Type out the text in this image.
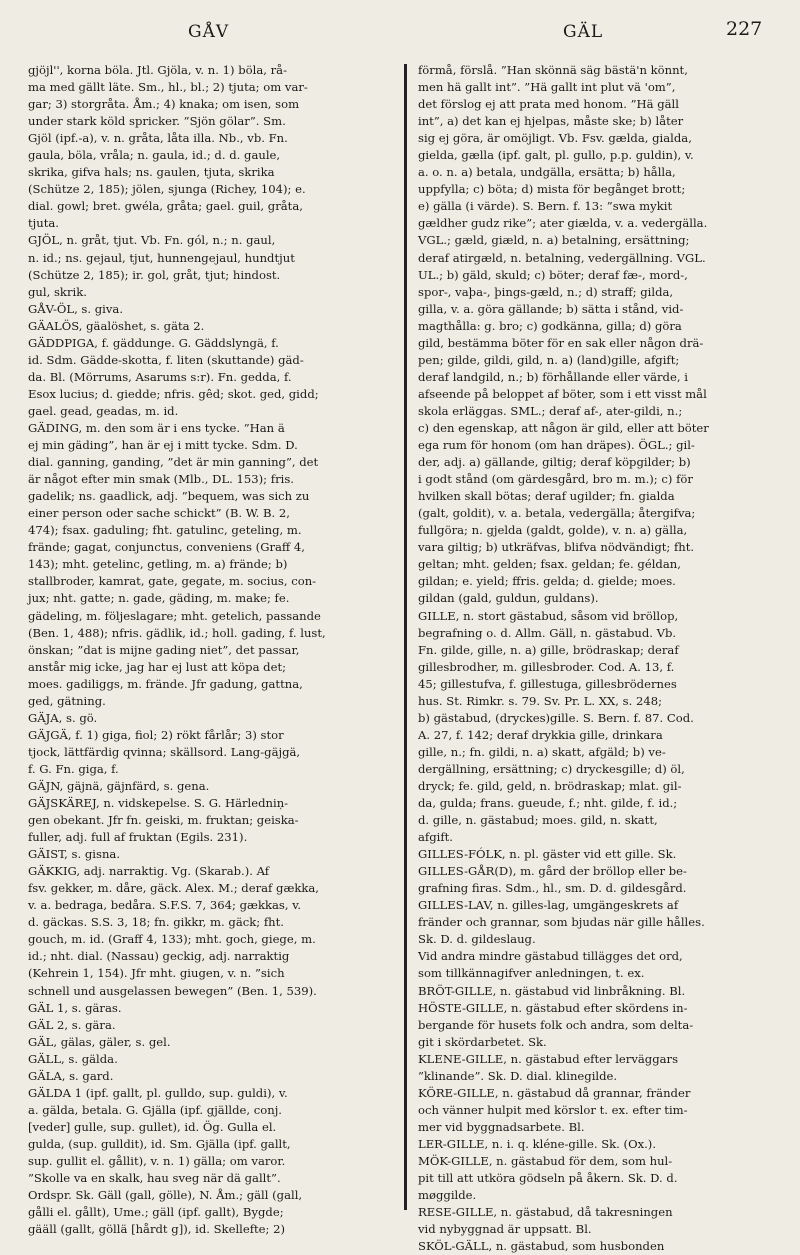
GÅV	GÄL	227
gjöjl'', korna böla. Jtl. Gjöla, v. n. 1) böla, rå-
ma med gällt läte. Sm., hl., bl.; 2) tjuta; om var-
gar; 3) storgråta. Åm.; 4) knaka; om isen, som
under stark köld spricker. ”Sjön gölar”. Sm.
Gjöl (ipf.-a), v. n. gråta, låta illa. Nb., vb. Fn.
gaula, böla, vråla; n. gaula, id.; d. d. gaule,
skrika, gifva hals; ns. gaulen, tjuta, skrika
(Schütze 2, 185); jölen, sjunga (Richey, 104); e.
dial. gowl; bret. gwéla, gråta; gael. guil, gråta,
tjuta.
GJÖL, n. gråt, tjut. Vb. Fn. gól, n.; n. gaul,
n. id.; ns. gejaul, tjut, hunnengejaul, hundtjut
(Schütze 2, 185); ir. gol, gråt, tjut; hindost.
gul, skrik.
GÅV-ÖL, s. giva.
GÄALÖS, gäalöshet, s. gäta 2.
GÄDDPIGA, f. gäddunge. G. Gäddslyngä, f.
id. Sdm. Gädde-skotta, f. liten (skuttande) gäd-
da. Bl. (Mörrums, Asarums s:r). Fn. gedda, f.
Esox lucius; d. giedde; nfris. gêd; skot. ged, gidd;
gael. gead, geadas, m. id.
GÄDING, m. den som är i ens tycke. ”Han ä
ej min gäding”, han är ej i mitt tycke. Sdm. D.
dial. ganning, ganding, ”det är min ganning”, det
är något efter min smak (Mlb., DL. 153); fris.
gadelik; ns. gaadlick, adj. ”bequem, was sich zu
einer person oder sache schickt” (B. W. B. 2,
474); fsax. gaduling; fht. gatulinc, geteling, m.
frände; gagat, conjunctus, conveniens (Graff 4,
143); mht. getelinc, getling, m. a) frände; b)
stallbroder, kamrat, gate, gegate, m. socius, con-
jux; nht. gatte; n. gade, gäding, m. make; fe.
gädeling, m. följeslagare; mht. getelich, passande
(Ben. 1, 488); nfris. gädlik, id.; holl. gading, f. lust,
önskan; ”dat is mijne gading niet”, det passar,
anstår mig icke, jag har ej lust att köpa det;
moes. gadiliggs, m. frände. Jfr gadung, gattna,
ged, gätning.
GÄJA, s. gö.
GÄJGÄ, f. 1) giga, fiol; 2) rökt fårlår; 3) stor
tjock, lättfärdig qvinna; skällsord. Lang-gäjgä,
f. G. Fn. giga, f.
GÄJN, gäjnä, gäjnfärd, s. gena.
GÄJSKÄREJ, n. vidskepelse. S. G. Härledniņ-
gen obekant. Jfr fn. geiski, m. fruktan; geiska-
fuller, adj. full af fruktan (Egils. 231).
GÄIST, s. gisna.
GÄKKIG, adj. narraktig. Vg. (Skarab.). Af
fsv. gekker, m. dåre, gäck. Alex. M.; deraf gækka,
v. a. bedraga, bedåra. S.F.S. 7, 364; gækkas, v.
d. gäckas. S.S. 3, 18; fn. gikkr, m. gäck; fht.
gouch, m. id. (Graff 4, 133); mht. goch, giege, m.
id.; nht. dial. (Nassau) geckig, adj. narraktig
(Kehrein 1, 154). Jfr mht. giugen, v. n. ”sich
schnell und ausgelassen bewegen” (Ben. 1, 539).
GÄL 1, s. gäras.
GÄL 2, s. gära.
GÄL, gälas, gäler, s. gel.
GÄLL, s. gälda.
GÄLA, s. gard.
GÄLDA 1 (ipf. gallt, pl. gulldo, sup. guldi), v.
a. gälda, betala. G. Gjälla (ipf. gjällde, conj.
[veder] gulle, sup. gullet), id. Ög. Gulla el.
gulda, (sup. gulldit), id. Sm. Gjälla (ipf. gallt,
sup. gullit el. gållit), v. n. 1) gälla; om varor.
”Skolle va en skalk, hau sveg när dä gallt”.
Ordspr. Sk. Gäll (gall, gölle), N. Åm.; gäll (gall,
gålli el. gållt), Ume.; gäll (ipf. gallt), Bygde;
gääll (gallt, göllä [hårdt g]), id. Skellefte; 2)
förmå, förslå. ”Han skönnä säg bästä'n könnt,
men hä gallt int”. ”Hä gallt int plut vä 'om”,
det förslog ej att prata med honom. ”Hä gäll
int”, a) det kan ej hjelpas, måste ske; b) låter
sig ej göra, är omöjligt. Vb. Fsv. gælda, gialda,
gielda, gælla (ipf. galt, pl. gullo, p.p. guldin), v.
a. o. n. a) betala, undgälla, ersätta; b) hålla,
uppfylla; c) böta; d) mista för begånget brott;
e) gälla (i värde). S. Bern. f. 13: ”swa mykit
gældher gudz rike”; ater giælda, v. a. vedergälla.
VGL.; gæld, giæld, n. a) betalning, ersättning;
deraf atirgæld, n. betalning, vedergällning. VGL.
UL.; b) gäld, skuld; c) böter; deraf fæ-, mord-,
spor-, vaþa-, þings-gæld, n.; d) straff; gilda,
gilla, v. a. göra gällande; b) sätta i stånd, vid-
magthålla: g. bro; c) godkänna, gilla; d) göra
gild, bestämma böter för en sak eller någon drä-
pen; gilde, gildi, gild, n. a) (land)gille, afgift;
deraf landgild, n.; b) förhållande eller värde, i
afseende på beloppet af böter, som i ett visst mål
skola erläggas. SML.; deraf af-, ater-gildi, n.;
c) den egenskap, att någon är gild, eller att böter
ega rum för honom (om han dräpes). ÖGL.; gil-
der, adj. a) gällande, giltig; deraf köpgilder; b)
i godt stånd (om gärdesgård, bro m. m.); c) för
hvilken skall bötas; deraf ugilder; fn. gialda
(galt, goldit), v. a. betala, vedergälla; återgifva;
fullgöra; n. gjelda (galdt, golde), v. n. a) gälla,
vara giltig; b) utkräfvas, blifva nödvändigt; fht.
geltan; mht. gelden; fsax. geldan; fe. géldan,
gildan; e. yield; ffris. gelda; d. gielde; moes.
gildan (gald, guldun, guldans).
GILLE, n. stort gästabud, såsom vid bröllop,
begrafning o. d. Allm. Gäll, n. gästabud. Vb.
Fn. gilde, gille, n. a) gille, brödraskap; deraf
gillesbrodher, m. gillesbroder. Cod. A. 13, f.
45; gillestufva, f. gillestuga, gillesbrödernes
hus. St. Rimkr. s. 79. Sv. Pr. L. XX, s. 248;
b) gästabud, (dryckes)gille. S. Bern. f. 87. Cod.
A. 27, f. 142; deraf drykkia gille, drinkara
gille, n.; fn. gildi, n. a) skatt, afgäld; b) ve-
dergällning, ersättning; c) dryckesgille; d) öl,
dryck; fe. gild, geld, n. brödraskap; mlat. gil-
da, gulda; frans. gueude, f.; nht. gilde, f. id.;
d. gille, n. gästabud; moes. gild, n. skatt,
afgift.
GILLES-FÓLK, n. pl. gäster vid ett gille. Sk.
GILLES-GÅR(D), m. gård der bröllop eller be-
grafning firas. Sdm., hl., sm. D. d. gildesgård.
GILLES-LAV, n. gilles-lag, umgängeskrets af
fränder och grannar, som bjudas när gille hålles.
Sk. D. d. gildeslaug.
Vid andra mindre gästabud tillägges det ord,
som tillkännagifver anledningen, t. ex.
BRÖT-GILLE, n. gästabud vid linbråkning. Bl.
HÖSTE-GILLE, n. gästabud efter skördens in-
bergande för husets folk och andra, som delta-
git i skördarbetet. Sk.
KLENE-GILLE, n. gästabud efter lerväggars
”klinande”. Sk. D. dial. klinegilde.
KÖRE-GILLE, n. gästabud då grannar, fränder
och vänner hulpit med körslor t. ex. efter tim-
mer vid byggnadsarbete. Bl.
LER-GILLE, n. i. q. kléne-gille. Sk. (Ox.).
MÖK-GILLE, n. gästabud för dem, som hul-
pit till att utköra gödseln på åkern. Sk. D. d.
møggilde.
RESE-GILLE, n. gästabud, då takresningen
vid nybyggnad är uppsatt. Bl.
SKÖL-GÄLL, n. gästabud, som husbonden
